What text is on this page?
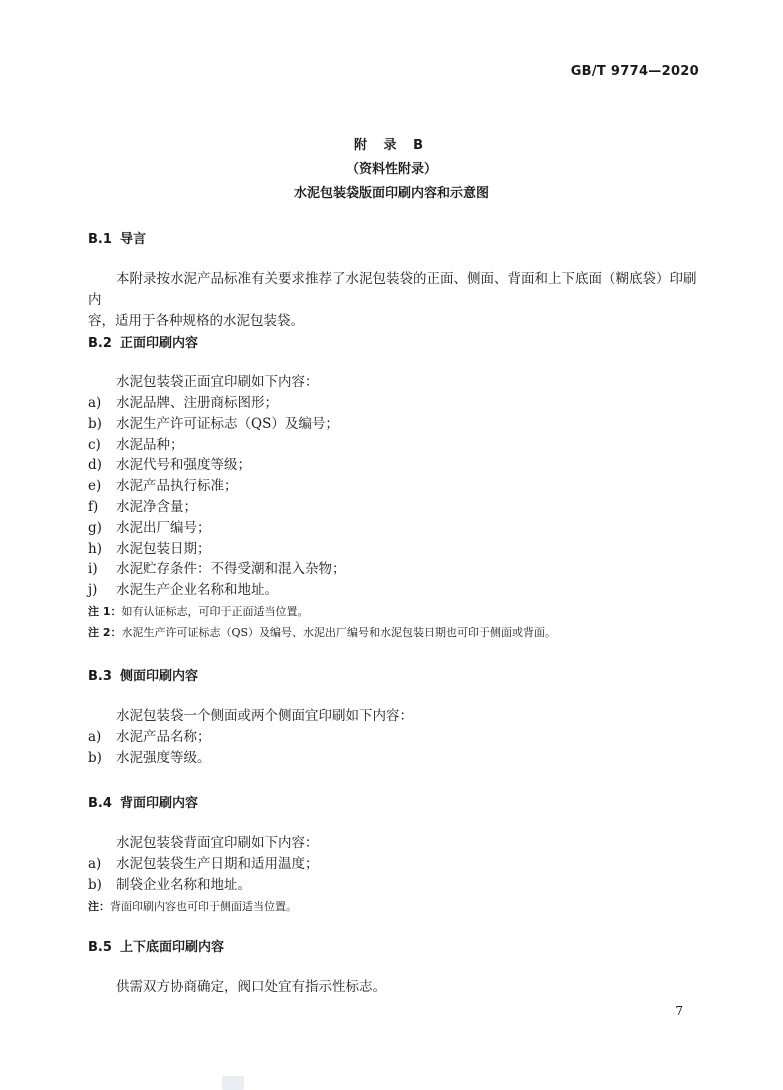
GB/T 9774—2020
附 录 B
（资料性附录）
水泥包装袋版面印刷内容和示意图
B.1 导言
本附录按水泥产品标准有关要求推荐了水泥包装袋的正面、侧面、背面和上下底面（糊底袋）印刷内
容，适用于各种规格的水泥包装袋。
B.2 正面印刷内容
水泥包装袋正面宜印刷如下内容：
a)	水泥品牌、注册商标图形；
b)	水泥生产许可证标志（QS）及编号；
c)	水泥品种；
d)	水泥代号和强度等级；
e)	水泥产品执行标准；
f)	水泥净含量；
g)	水泥出厂编号；
h)	水泥包装日期；
i)	水泥贮存条件：不得受潮和混入杂物；
j)	水泥生产企业名称和地址。
注 1：如有认证标志，可印于正面适当位置。
注 2：水泥生产许可证标志（QS）及编号、水泥出厂编号和水泥包装日期也可印于侧面或背面。
B.3 侧面印刷内容
水泥包装袋一个侧面或两个侧面宜印刷如下内容：
a)	水泥产品名称；
b)	水泥强度等级。
B.4 背面印刷内容
水泥包装袋背面宜印刷如下内容：
a)	水泥包装袋生产日期和适用温度；
b)	制袋企业名称和地址。
注：背面印刷内容也可印于侧面适当位置。
B.5 上下底面印刷内容
供需双方协商确定，阀口处宜有指示性标志。
7
